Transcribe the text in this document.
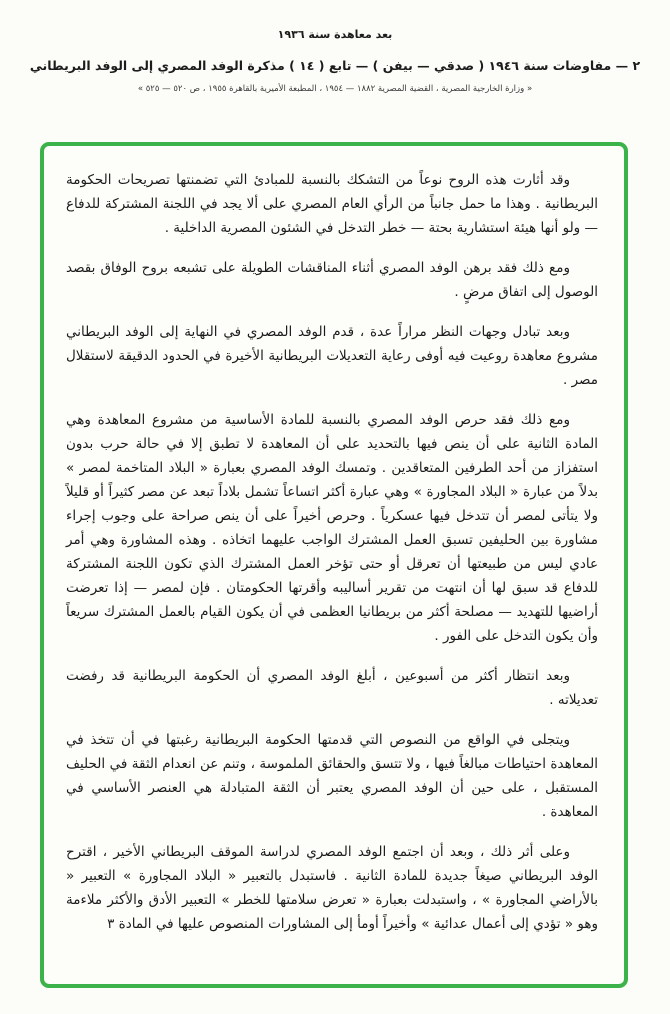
بعد معاهدة سنة ١٩٣٦
٢ — مفاوضات سنة ١٩٤٦ ( صدقي — بيفن ) — تابع ( ١٤ ) مذكرة الوفد المصري إلى الوفد البريطاني
« وزارة الخارجية المصرية ، القضية المصرية ١٨٨٢ — ١٩٥٤ ، المطبعة الأميرية بالقاهرة ١٩٥٥ ، ص ٥٢٠ — ٥٢٥ »

وقد أثارت هذه الروح نوعاً من التشكك بالنسبة للمبادئ التي تضمنتها تصريحات الحكومة البريطانية . وهذا ما حمل جانباً من الرأي العام المصري على ألا يجد في اللجنة المشتركة للدفاع — ولو أنها هيئة استشارية بحتة — خطر التدخل في الشئون المصرية الداخلية .

ومع ذلك فقد برهن الوفد المصري أثناء المناقشات الطويلة على تشبعه بروح الوفاق بقصد الوصول إلى اتفاق مرضٍ .

وبعد تبادل وجهات النظر مراراً عدة ، قدم الوفد المصري في النهاية إلى الوفد البريطاني مشروع معاهدة روعيت فيه أوفى رعاية التعديلات البريطانية الأخيرة في الحدود الدقيقة لاستقلال مصر .

ومع ذلك فقد حرص الوفد المصري بالنسبة للمادة الأساسية من مشروع المعاهدة وهي المادة الثانية على أن ينص فيها بالتحديد على أن المعاهدة لا تطبق إلا في حالة حرب بدون استفزاز من أحد الطرفين المتعاقدين . وتمسك الوفد المصري بعبارة « البلاد المتاخمة لمصر » بدلاً من عبارة « البلاد المجاورة » وهي عبارة أكثر اتساعاً تشمل بلاداً تبعد عن مصر كثيراً أو قليلاً ولا يتأتى لمصر أن تتدخل فيها عسكرياً . وحرص أخيراً على أن ينص صراحة على وجوب إجراء مشاورة بين الحليفين تسبق العمل المشترك الواجب عليهما اتخاذه . وهذه المشاورة وهي أمر عادي ليس من طبيعتها أن تعرقل أو حتى تؤخر العمل المشترك الذي تكون اللجنة المشتركة للدفاع قد سبق لها أن انتهت من تقرير أساليبه وأقرتها الحكومتان . فإن لمصر — إذا تعرضت أراضيها للتهديد — مصلحة أكثر من بريطانيا العظمى في أن يكون القيام بالعمل المشترك سريعاً وأن يكون التدخل على الفور .

وبعد انتظار أكثر من أسبوعين ، أبلغ الوفد المصري أن الحكومة البريطانية قد رفضت تعديلاته .

ويتجلى في الواقع من النصوص التي قدمتها الحكومة البريطانية رغبتها في أن تتخذ في المعاهدة احتياطات مبالغاً فيها ، ولا تتسق والحقائق الملموسة ، وتنم عن انعدام الثقة في الحليف المستقبل ، على حين أن الوفد المصري يعتبر أن الثقة المتبادلة هي العنصر الأساسي في المعاهدة .

وعلى أثر ذلك ، وبعد أن اجتمع الوفد المصري لدراسة الموقف البريطاني الأخير ، اقترح الوفد البريطاني صيغاً جديدة للمادة الثانية . فاستبدل بالتعبير « البلاد المجاورة » التعبير « بالأراضي المجاورة » ، واستبدلت بعبارة « تعرض سلامتها للخطر » التعبير الأدق والأكثر ملاءمة وهو « تؤدي إلى أعمال عدائية » وأخيراً أومأ إلى المشاورات المنصوص عليها في المادة ٣
